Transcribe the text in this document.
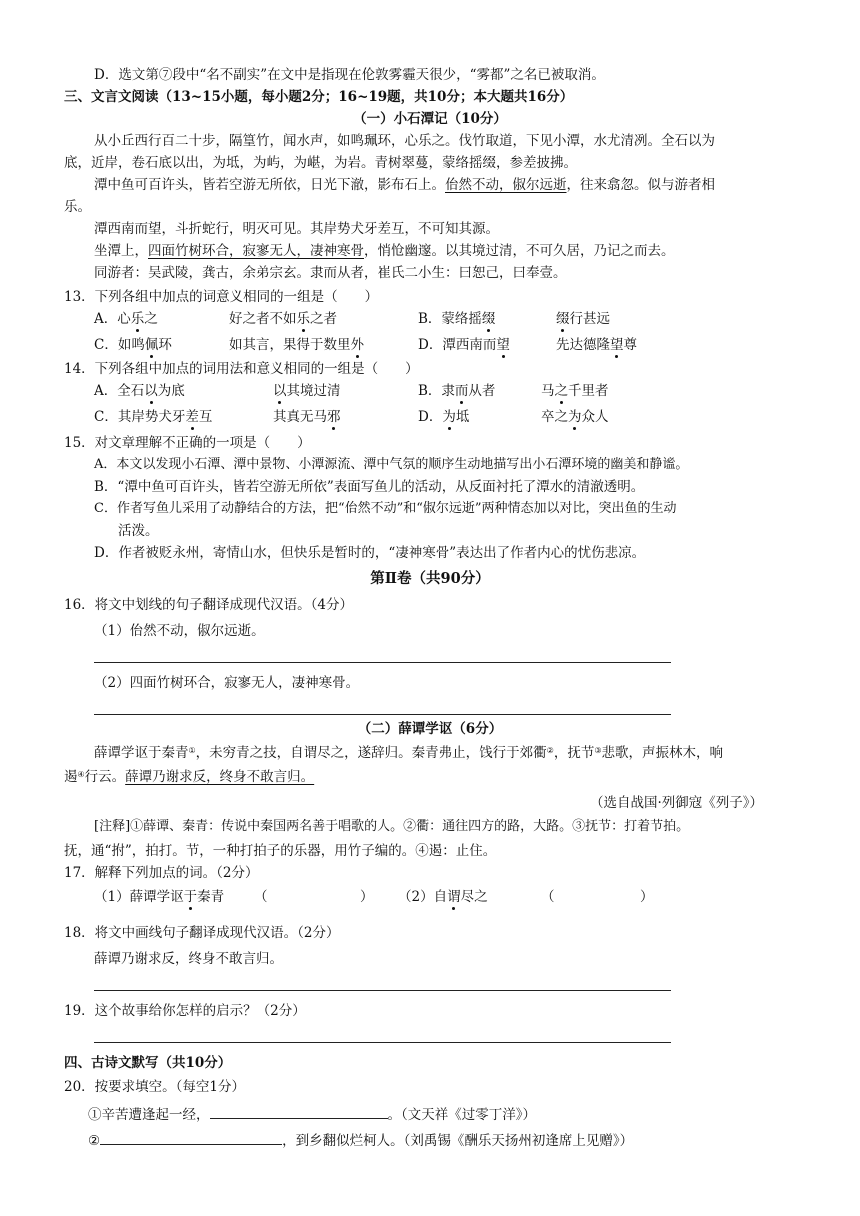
D．选文第⑦段中“名不副实”在文中是指现在伦敦雾霾天很少，“雾都”之名已被取消。
三、文言文阅读（13~15小题，每小题2分；16~19题，共10分；本大题共16分）
（一）小石潭记（10分）
从小丘西行百二十步，隔篁竹，闻水声，如鸣珮环，心乐之。伐竹取道，下见小潭，水尤清冽。全石以为
底，近岸，卷石底以出，为坻，为屿，为嵁，为岩。青树翠蔓，蒙络摇缀，参差披拂。
潭中鱼可百许头，皆若空游无所依，日光下澈，影布石上。佁然不动，俶尔远逝，往来翕忽。似与游者相
乐。
潭西南而望，斗折蛇行，明灭可见。其岸势犬牙差互，不可知其源。
坐潭上，四面竹树环合，寂寥无人，凄神寒骨，悄怆幽邃。以其境过清，不可久居，乃记之而去。
同游者：吴武陵，龚古，余弟宗玄。隶而从者，崔氏二小生：曰恕己，曰奉壹。
13．下列各组中加点的词意义相同的一组是（　　）
A．心乐之	好之者不如乐之者	B．蒙络摇缀	缀行甚远
C．如鸣佩环	如其言，果得于数里外	D．潭西南而望	先达德隆望尊
14．下列各组中加点的词用法和意义相同的一组是（　　）
A．全石以为底	以其境过清	B．隶而从者	马之千里者
C．其岸势犬牙差互	其真无马邪	D．为坻	卒之为众人
15．对文章理解不正确的一项是（　　）
A．本文以发现小石潭、潭中景物、小潭源流、潭中气氛的顺序生动地描写出小石潭环境的幽美和静谧。
B．“潭中鱼可百许头，皆若空游无所依”表面写鱼儿的活动，从反面衬托了潭水的清澈透明。
C．作者写鱼儿采用了动静结合的方法，把“佁然不动”和“俶尔远逝”两种情态加以对比，突出鱼的生动
活泼。
D．作者被贬永州，寄情山水，但快乐是暂时的，“凄神寒骨”表达出了作者内心的忧伤悲凉。
第Ⅱ卷（共90分）
16．将文中划线的句子翻译成现代汉语。（4分）
（1）佁然不动，俶尔远逝。
（2）四面竹树环合，寂寥无人，凄神寒骨。
（二）薛谭学讴（6分）
薛谭学讴于秦青①，未穷青之技，自谓尽之，遂辞归。秦青弗止，饯行于郊衢②，抚节③悲歌，声振林木，响
遏④行云。薛谭乃谢求反，终身不敢言归。
（选自战国·列御寇《列子》）
[注释]①薛谭、秦青：传说中秦国两名善于唱歌的人。②衢：通往四方的路，大路。③抚节：打着节拍。
抚，通“拊”，拍打。节，一种打拍子的乐器，用竹子编的。④遏：止住。
17．解释下列加点的词。（2分）
（1）薛谭学讴于秦青 （	） （2）自谓尽之	（	）
18．将文中画线句子翻译成现代汉语。（2分）
薛谭乃谢求反，终身不敢言归。
19．这个故事给你怎样的启示？（2分）
四、古诗文默写（共10分）
20．按要求填空。（每空1分）
①辛苦遭逢起一经，	。（文天祥《过零丁洋》）
②	，到乡翻似烂柯人。（刘禹锡《酬乐天扬州初逢席上见赠》）
